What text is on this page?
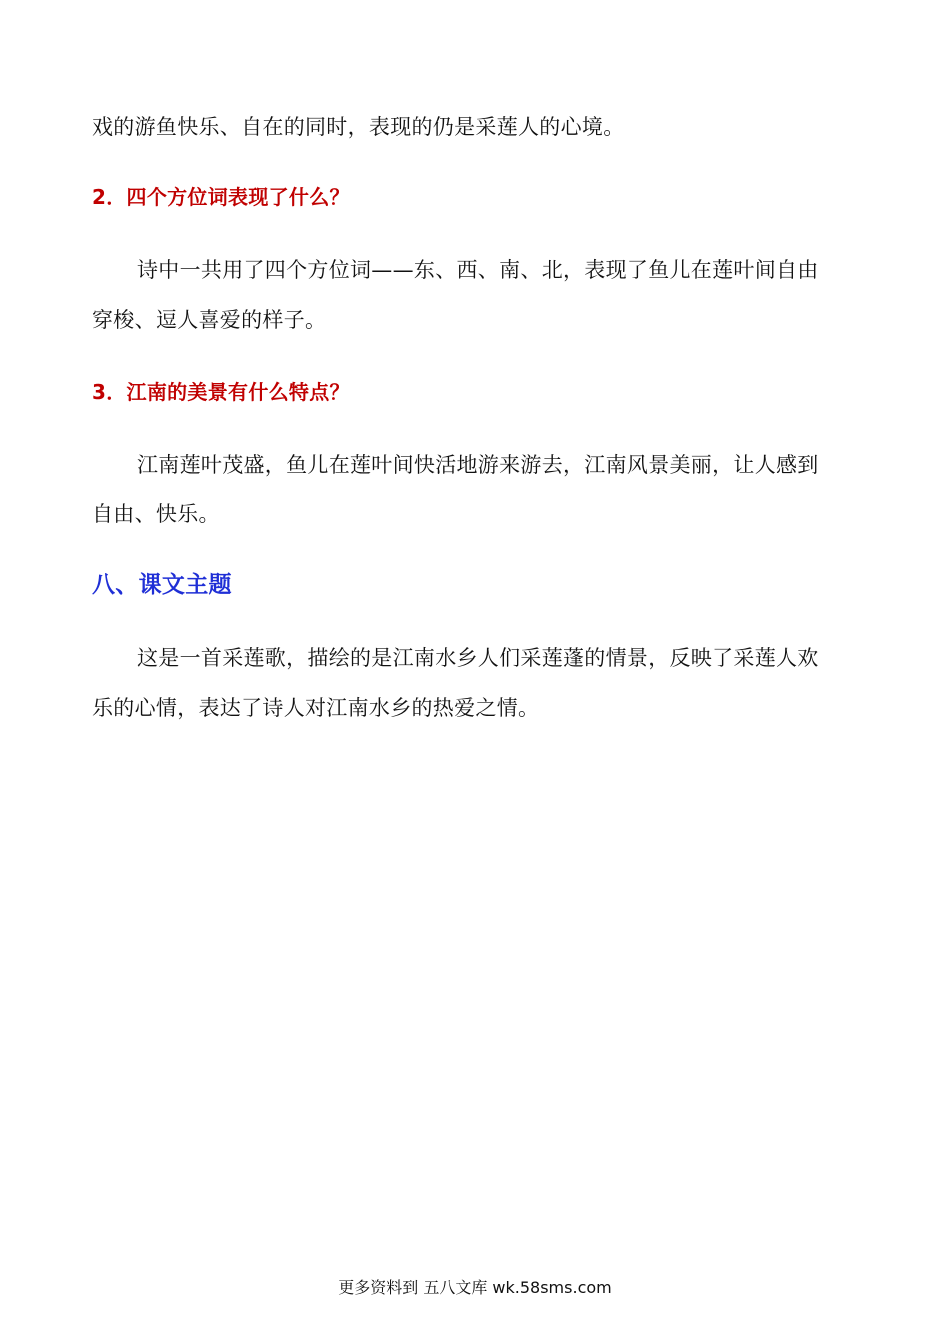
戏的游鱼快乐、自在的同时，表现的仍是采莲人的心境。
2．四个方位词表现了什么？
诗中一共用了四个方位词——东、西、南、北，表现了鱼儿在莲叶间自由
穿梭、逗人喜爱的样子。
3．江南的美景有什么特点？
江南莲叶茂盛，鱼儿在莲叶间快活地游来游去，江南风景美丽，让人感到
自由、快乐。
八、课文主题
这是一首采莲歌，描绘的是江南水乡人们采莲蓬的情景，反映了采莲人欢
乐的心情，表达了诗人对江南水乡的热爱之情。
更多资料到 五八文库 wk.58sms.com
